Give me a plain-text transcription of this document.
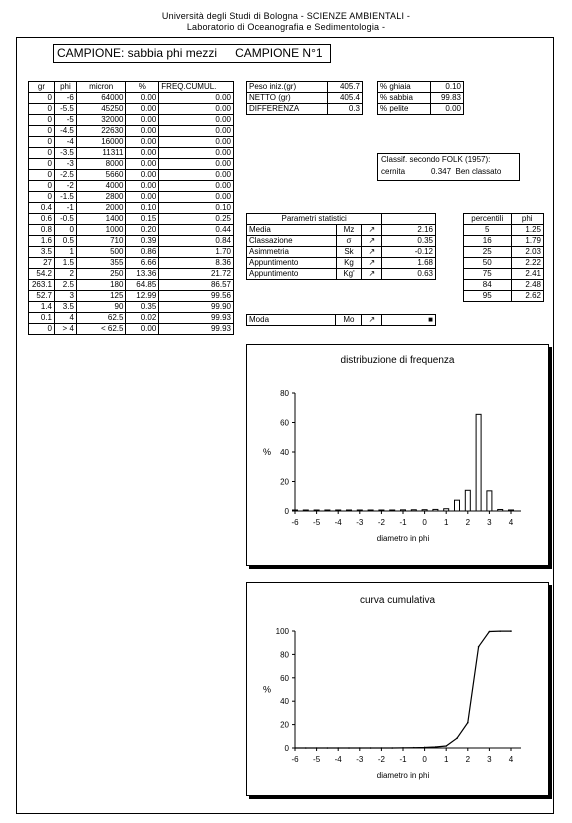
Università degli Studi di Bologna - SCIENZE AMBIENTALI -
Laboratorio di Oceanografia e Sedimentologia -
CAMPIONE: sabbia phi mezzi CAMPIONE N°1
gr	phi	micron	%	FREQ.CUMUL.
0	-6	64000	0.00	0.00
0	-5.5	45250	0.00	0.00
0	-5	32000	0.00	0.00
0	-4.5	22630	0.00	0.00
0	-4	16000	0.00	0.00
0	-3.5	11311	0.00	0.00
0	-3	8000	0.00	0.00
0	-2.5	5660	0.00	0.00
0	-2	4000	0.00	0.00
0	-1.5	2800	0.00	0.00
0.4	-1	2000	0.10	0.10
0.6	-0.5	1400	0.15	0.25
0.8	0	1000	0.20	0.44
1.6	0.5	710	0.39	0.84
3.5	1	500	0.86	1.70
27	1.5	355	6.66	8.36
54.2	2	250	13.36	21.72
263.1	2.5	180	64.85	86.57
52.7	3	125	12.99	99.56
1.4	3.5	90	0.35	99.90
0.1	4	62.5	0.02	99.93
0	> 4	< 62.5	0.00	99.93
Peso iniz.(gr)	405.7
NETTO (gr)	405.4
DIFFERENZA	0.3
% ghiaia	0.10
% sabbia	99.83
% pelite	0.00
Classif. secondo FOLK (1957):
cernita	0.347 Ben classato
Parametri statistici			
Media	Mz	↗	2.16
Classazione	σ	↗	0.35
Asimmetria	Sk	↗	-0.12
Appuntimento	Kg	↗	1.68
Appuntimento	Kg'	↗	0.63
Moda	Mo	↗	■
percentili	phi
5	1.25
16	1.79
25	2.03
50	2.22
75	2.41
84	2.48
95	2.62
distribuzione di frequenza
0
20
40
60
80
-6 -5 -4 -3 -2 -1 0 1 2 3 4
diametro in phi
%
curva cumulativa
0
20
40
60
80
100
-6 -5 -4 -3 -2 -1 0 1 2 3 4
diametro in phi
%
